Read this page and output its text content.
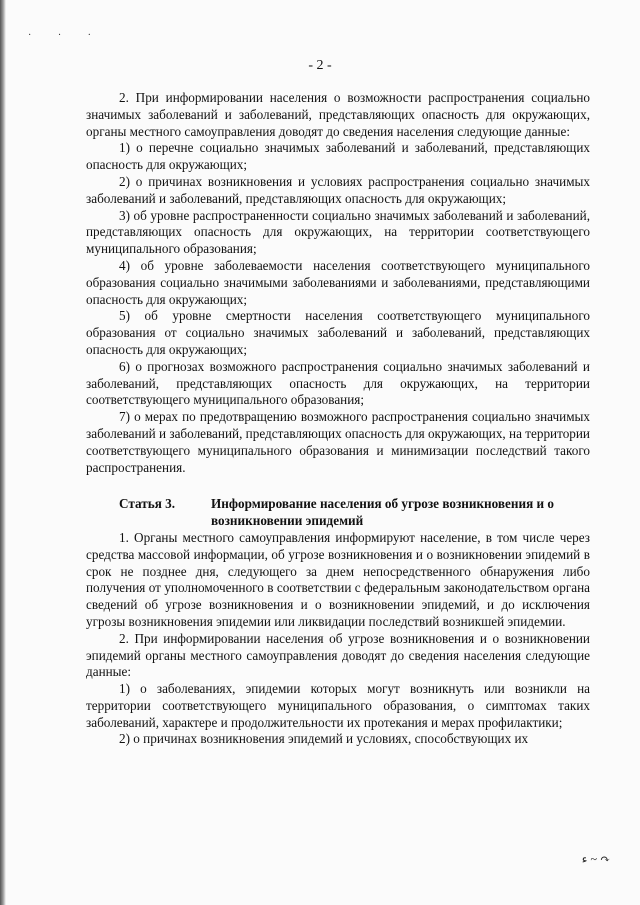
· · ·
- 2 -

2. При информировании населения о возможности распространения социально значимых заболеваний и заболеваний, представляющих опасность для окружающих, органы местного самоуправления доводят до сведения населения следующие данные:

1) о перечне социально значимых заболеваний и заболеваний, представляющих опасность для окружающих;

2) о причинах возникновения и условиях распространения социально значимых заболеваний и заболеваний, представляющих опасность для окружающих;

3) об уровне распространенности социально значимых заболеваний и заболеваний, представляющих опасность для окружающих, на территории соответствующего муниципального образования;

4) об уровне заболеваемости населения соответствующего муниципального образования социально значимыми заболеваниями и заболеваниями, представляющими опасность для окружающих;

5) об уровне смертности населения соответствующего муниципального образования от социально значимых заболеваний и заболеваний, представляющих опасность для окружающих;

6) о прогнозах возможного распространения социально значимых заболеваний и заболеваний, представляющих опасность для окружающих, на территории соответствующего муниципального образования;

7) о мерах по предотвращению возможного распространения социально значимых заболеваний и заболеваний, представляющих опасность для окружающих, на территории соответствующего муниципального образования и минимизации последствий такого распространения.

Статья 3.	Информирование населения об угрозе возникновения и о возникновении эпидемий

1. Органы местного самоуправления информируют население, в том числе через средства массовой информации, об угрозе возникновения и о возникновении эпидемий в срок не позднее дня, следующего за днем непосредственного обнаружения либо получения от уполномоченного в соответствии с федеральным законодательством органа сведений об угрозе возникновения и о возникновении эпидемий, и до исключения угрозы возникновения эпидемии или ликвидации последствий возникшей эпидемии.

2. При информировании населения об угрозе возникновения и о возникновении эпидемий органы местного самоуправления доводят до сведения населения следующие данные:

1) о заболеваниях, эпидемии которых могут возникнуть или возникли на территории соответствующего муниципального образования, о симптомах таких заболеваний, характере и продолжительности их протекания и мерах профилактики;

2) о причинах возникновения эпидемий и условиях, способствующих их

ء ~ ↷
